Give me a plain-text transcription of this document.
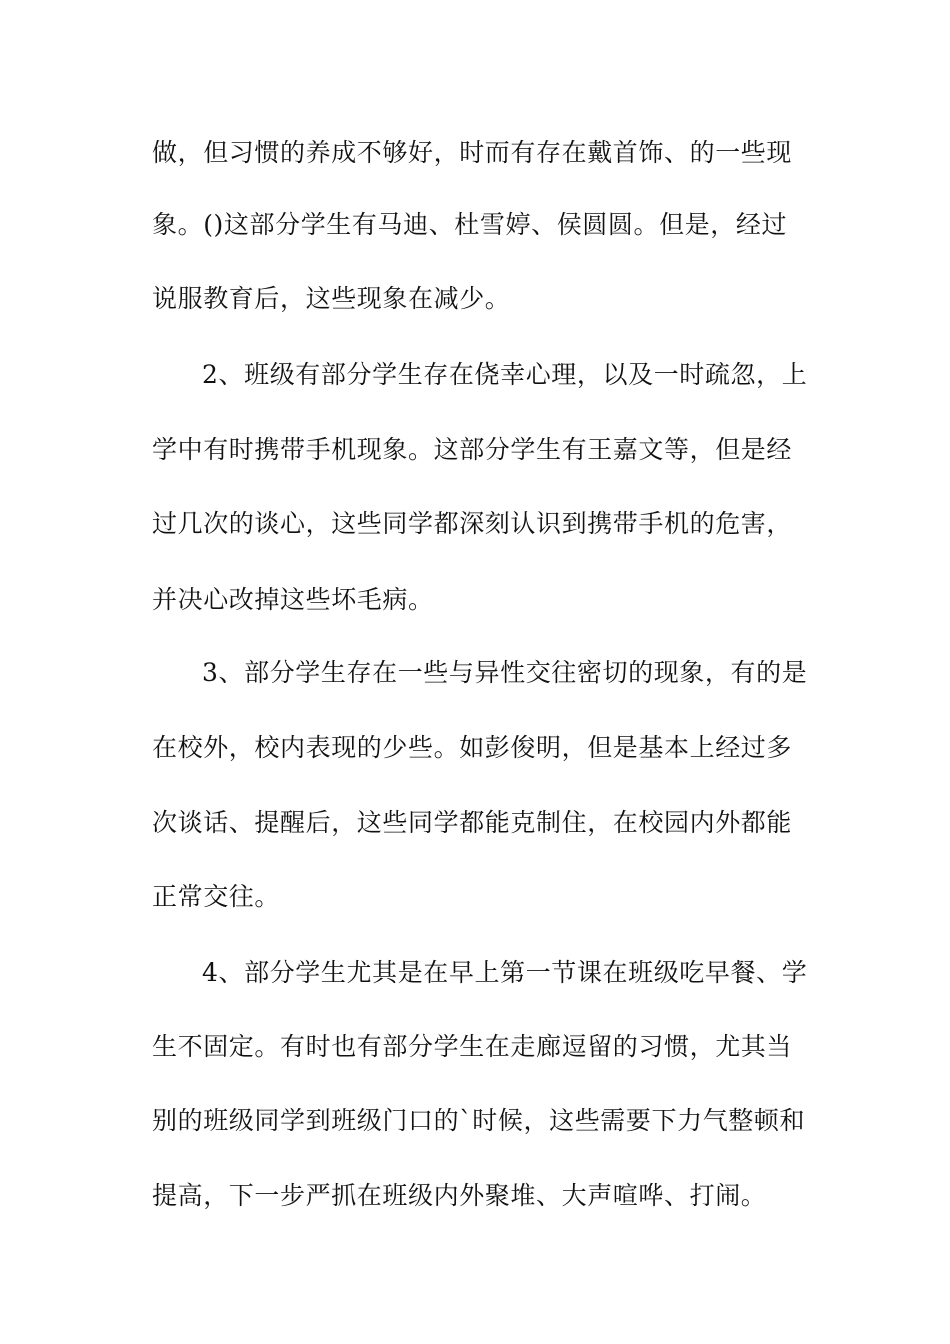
做，但习惯的养成不够好，时而有存在戴首饰、的一些现
象。()这部分学生有马迪、杜雪婷、侯圆圆。但是，经过
说服教育后，这些现象在减少。
2、班级有部分学生存在侥幸心理，以及一时疏忽，上
学中有时携带手机现象。这部分学生有王嘉文等，但是经
过几次的谈心，这些同学都深刻认识到携带手机的危害，
并决心改掉这些坏毛病。
3、部分学生存在一些与异性交往密切的现象，有的是
在校外，校内表现的少些。如彭俊明，但是基本上经过多
次谈话、提醒后，这些同学都能克制住，在校园内外都能
正常交往。
4、部分学生尤其是在早上第一节课在班级吃早餐、学
生不固定。有时也有部分学生在走廊逗留的习惯，尤其当
别的班级同学到班级门口的`时候，这些需要下力气整顿和
提高，下一步严抓在班级内外聚堆、大声喧哗、打闹。
